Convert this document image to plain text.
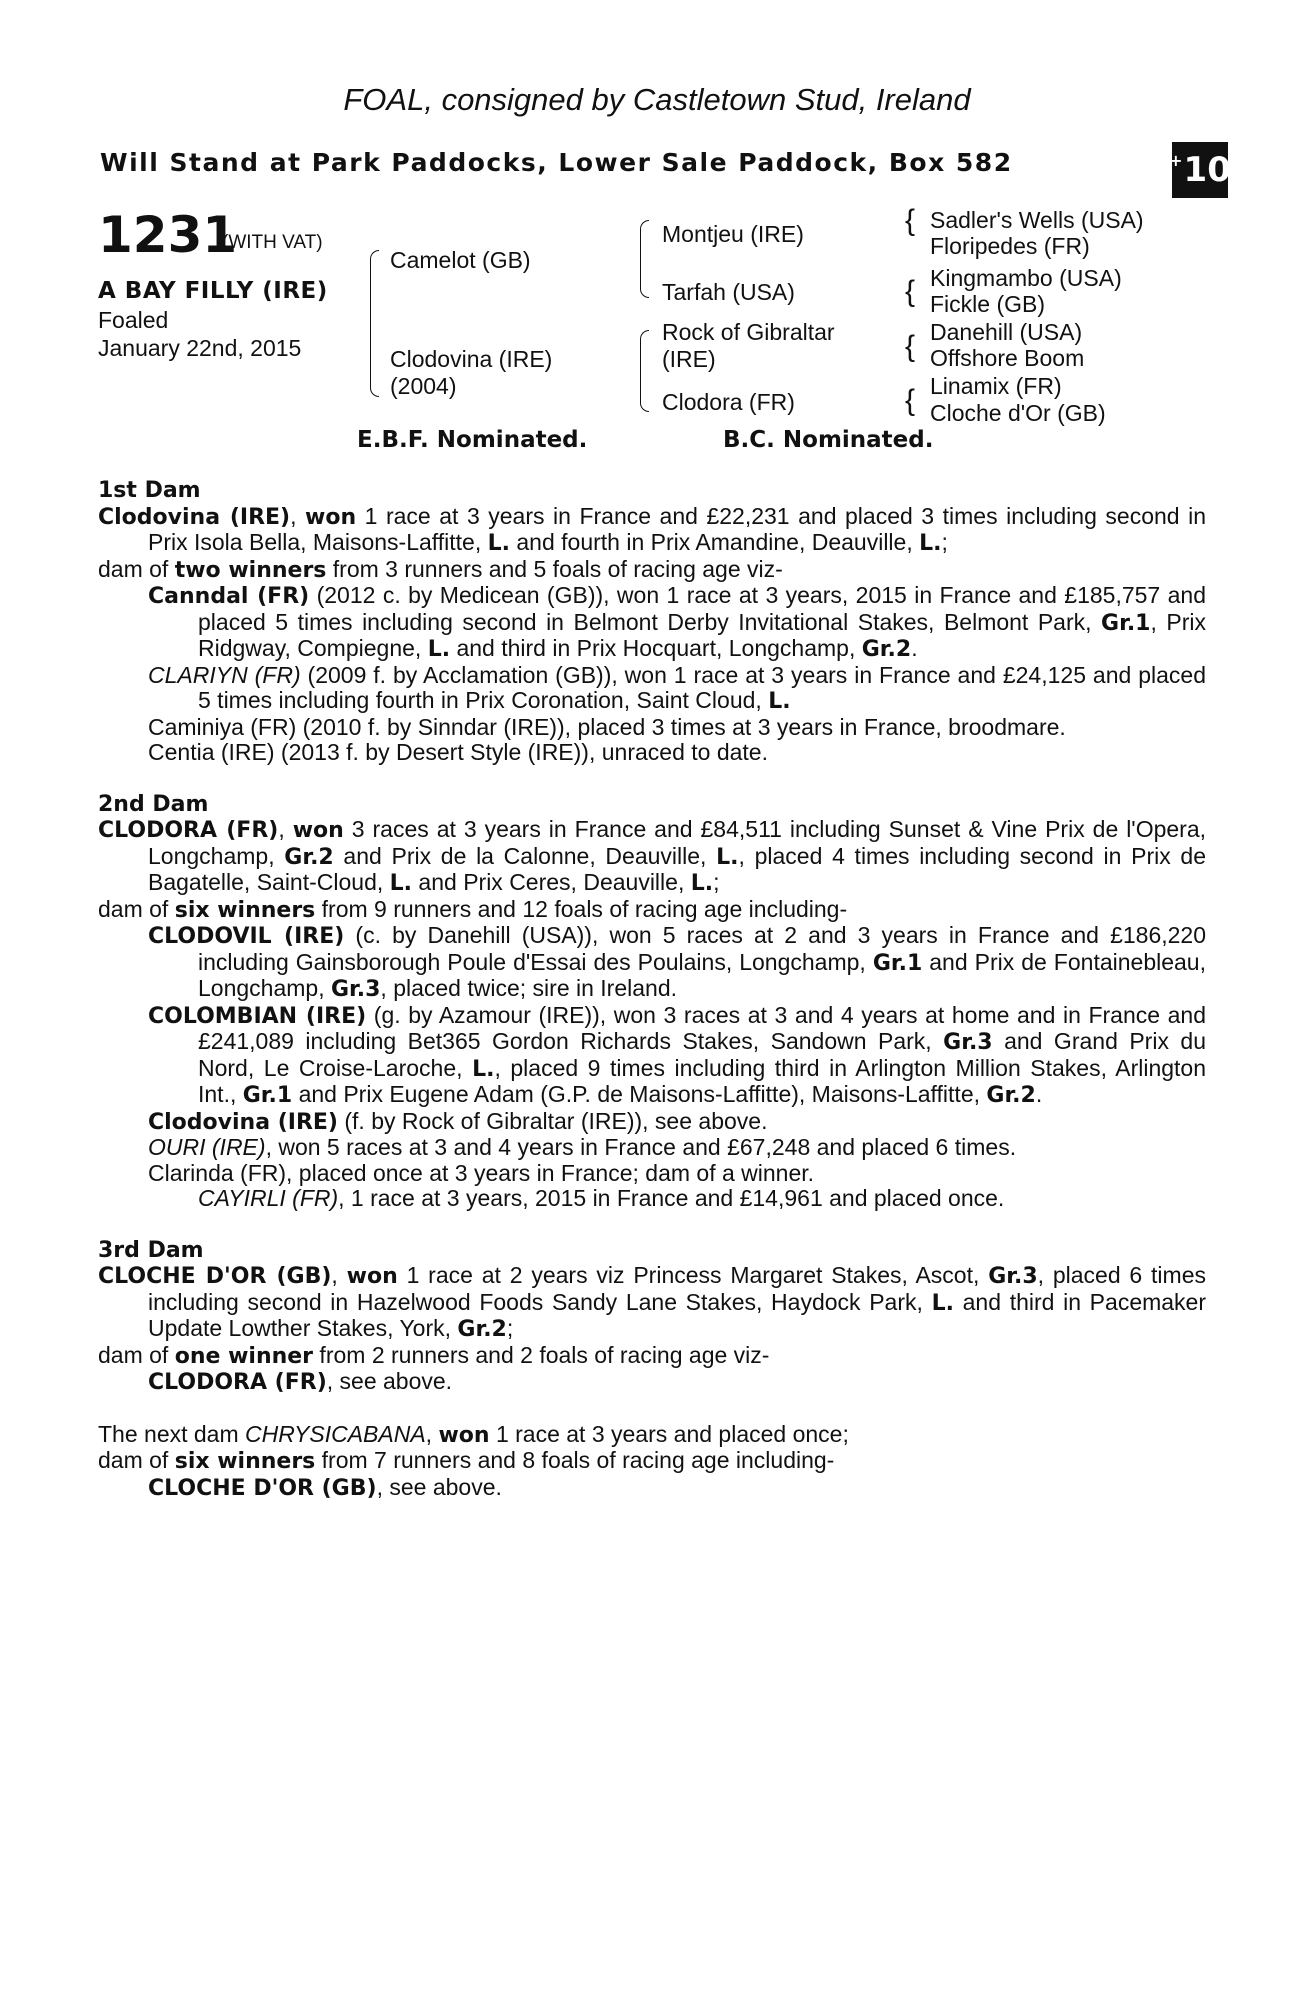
FOAL, consigned by Castletown Stud, Ireland
Will Stand at Park Paddocks, Lower Sale Paddock, Box 582	+ 10
1231
(WITH VAT)
A BAY FILLY (IRE)
Foaled
January 22nd, 2015
Camelot (GB)
Clodovina (IRE)
(2004)
Montjeu (IRE)
Tarfah (USA)
Rock of Gibraltar
(IRE)
Clodora (FR)
{ Sadler's Wells (USA)
Floripedes (FR)
{ Kingmambo (USA)
Fickle (GB)
{ Danehill (USA)
Offshore Boom
{ Linamix (FR)
Cloche d'Or (GB)
E.B.F. Nominated.	B.C. Nominated.
1st Dam
Clodovina (IRE), won 1 race at 3 years in France and £22,231 and placed 3 times including second in Prix Isola Bella, Maisons-Laffitte, L. and fourth in Prix Amandine, Deauville, L.;
dam of two winners from 3 runners and 5 foals of racing age viz-
Canndal (FR) (2012 c. by Medicean (GB)), won 1 race at 3 years, 2015 in France and £185,757 and placed 5 times including second in Belmont Derby Invitational Stakes, Belmont Park, Gr.1, Prix Ridgway, Compiegne, L. and third in Prix Hocquart, Longchamp, Gr.2.
CLARIYN (FR) (2009 f. by Acclamation (GB)), won 1 race at 3 years in France and £24,125 and placed 5 times including fourth in Prix Coronation, Saint Cloud, L.
Caminiya (FR) (2010 f. by Sinndar (IRE)), placed 3 times at 3 years in France, broodmare.
Centia (IRE) (2013 f. by Desert Style (IRE)), unraced to date.
2nd Dam
CLODORA (FR), won 3 races at 3 years in France and £84,511 including Sunset & Vine Prix de l'Opera, Longchamp, Gr.2 and Prix de la Calonne, Deauville, L., placed 4 times including second in Prix de Bagatelle, Saint-Cloud, L. and Prix Ceres, Deauville, L.;
dam of six winners from 9 runners and 12 foals of racing age including-
CLODOVIL (IRE) (c. by Danehill (USA)), won 5 races at 2 and 3 years in France and £186,220 including Gainsborough Poule d'Essai des Poulains, Longchamp, Gr.1 and Prix de Fontainebleau, Longchamp, Gr.3, placed twice; sire in Ireland.
COLOMBIAN (IRE) (g. by Azamour (IRE)), won 3 races at 3 and 4 years at home and in France and £241,089 including Bet365 Gordon Richards Stakes, Sandown Park, Gr.3 and Grand Prix du Nord, Le Croise-Laroche, L., placed 9 times including third in Arlington Million Stakes, Arlington Int., Gr.1 and Prix Eugene Adam (G.P. de Maisons-Laffitte), Maisons-Laffitte, Gr.2.
Clodovina (IRE) (f. by Rock of Gibraltar (IRE)), see above.
OURI (IRE), won 5 races at 3 and 4 years in France and £67,248 and placed 6 times.
Clarinda (FR), placed once at 3 years in France; dam of a winner.
CAYIRLI (FR), 1 race at 3 years, 2015 in France and £14,961 and placed once.
3rd Dam
CLOCHE D'OR (GB), won 1 race at 2 years viz Princess Margaret Stakes, Ascot, Gr.3, placed 6 times including second in Hazelwood Foods Sandy Lane Stakes, Haydock Park, L. and third in Pacemaker Update Lowther Stakes, York, Gr.2;
dam of one winner from 2 runners and 2 foals of racing age viz-
CLODORA (FR), see above.
The next dam CHRYSICABANA, won 1 race at 3 years and placed once;
dam of six winners from 7 runners and 8 foals of racing age including-
CLOCHE D'OR (GB), see above.
